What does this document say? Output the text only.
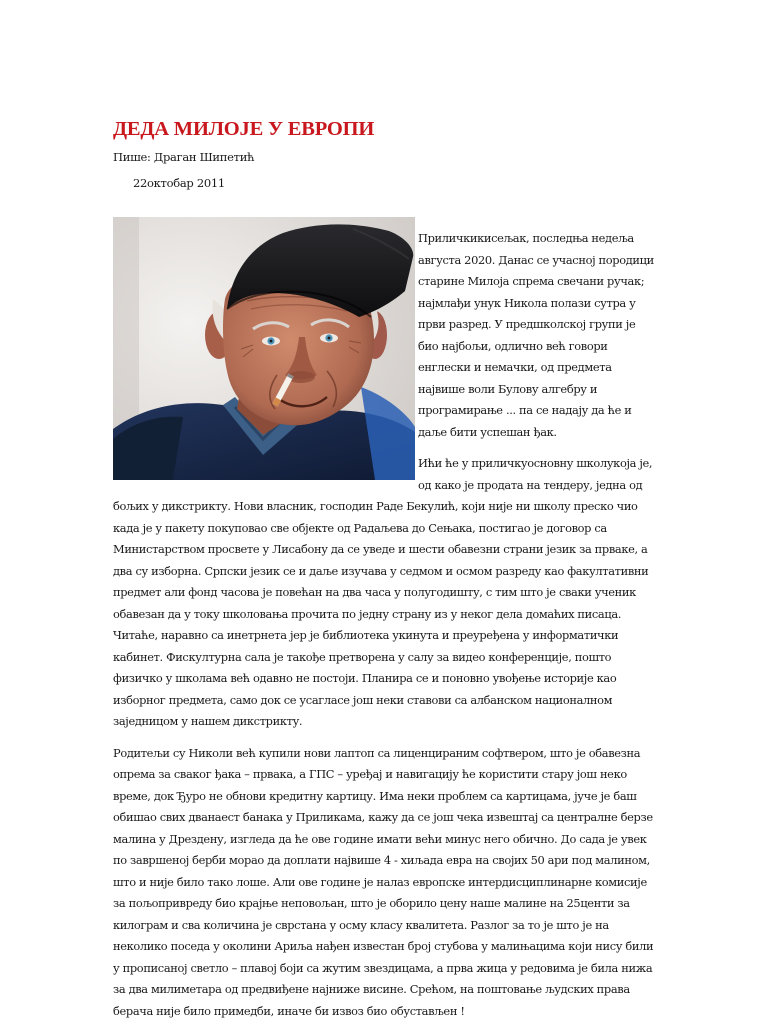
ДЕДА МИЛОЈЕ У ЕВРОПИ
Пише: Драган Шипетић
22октобар 2011

Приличкикисељак, последња недеља августа 2020. Данас се учасној породици старине Милоја спрема свечани ручак; најмлађи унук Никола полази сутра у први разред. У предшколској групи је био најбољи, одлично већ говори енглески и немачки, од предмета највише воли Булову алгебру и програмирање ... па се надају да ће и даље бити успешан ђак.

Ићи ће у приличкуосновну школукоја је, од како је продата на тендеру, једна од бољих у дикстрикту. Нови власник, господин Раде Бекулић, који није ни школу преско чио када је у пакету покуповао све објекте од Радаљева до Сењака, постигао је договор са Министарством просвете у Лисабону да се уведе и шести обавезни страни језик за прваке, а два су изборна. Српски језик се и даље изучава у седмом и осмом разреду као факултативни предмет али фонд часова је повећан на два часа у полугодишту, с тим што је сваки ученик обавезан да у току школовања прочита по једну страну из у неког дела домаћих писаца. Читаће, наравно са инетрнета јер је библиотека укинута и преуређена у информатички кабинет. Фискултурна сала је такође претворена у салу за видео конференције, пошто физичко у школама већ одавно не постоји. Планира се и поновно увођење историје као изборног предмета, само док се усагласе још неки ставови са албанском националном заједницом у нашем дикстрикту.

Родитељи су Николи већ купили нови лаптоп са лиценцираним софтвером, што је обавезна опрема за сваког ђака – првака, а ГПС – уређај и навигацију ће користити стару још неко време, док Ђуро не обнови кредитну картицу. Има неки проблем са картицама, јуче је баш обишао свих дванаест банака у Приликама, кажу да се још чека извештај са централне берзе малина у Дрездену, изгледа да ће ове године имати већи минус него обично. До сада је увек по завршеној берби морао да доплати највише 4 - хиљада евра на својих 50 ари под малином, што и није било тако лоше. Али ове године је налаз европске интердисциплинарне комисије за пољопривреду био крајње неповољан, што је оборило цену наше малине на 25центи за килограм и сва количина је сврстана у осму класу квалитета. Разлог за то је што је на неколико поседа у околини Ариља нађен известан број стубова у малињацима који нису били у прописаној светло – плавој боји са жутим звездицама, а прва жица у редовима је била нижа за два милиметара од предвиђене најниже висине. Срећом, на поштовање људских права берача није било примедби, иначе би извоз био обустављен !
